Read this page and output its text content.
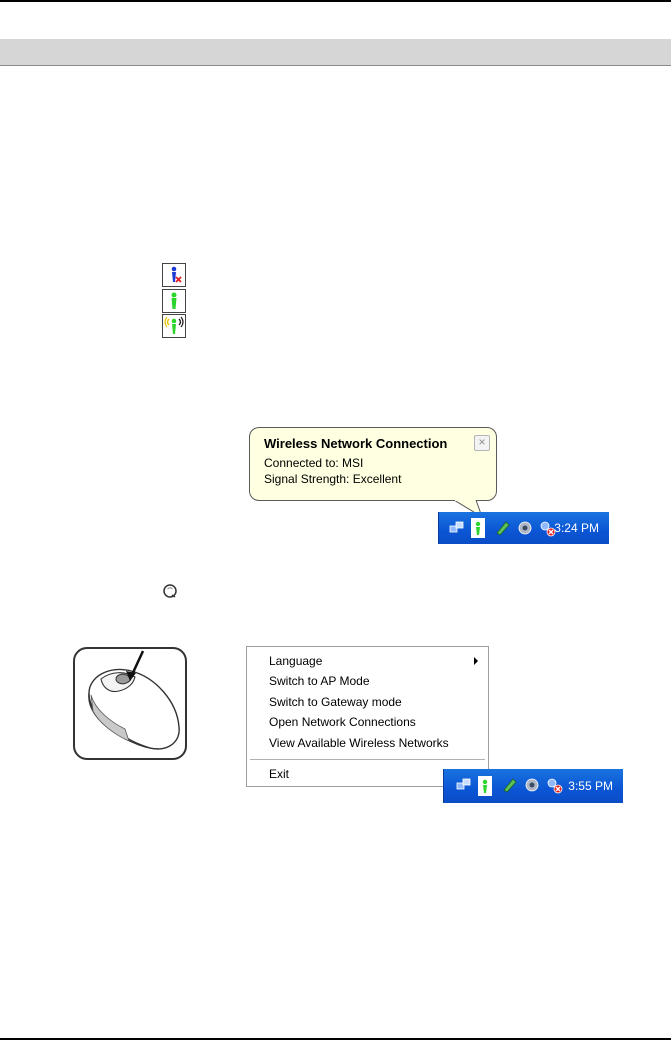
Wireless Network Connection
Connected to: MSI
Signal Strength: Excellent
×
3:24 PM
Language
Switch to AP Mode
Switch to Gateway mode
Open Network Connections
View Available Wireless Networks
Exit
3:55 PM
